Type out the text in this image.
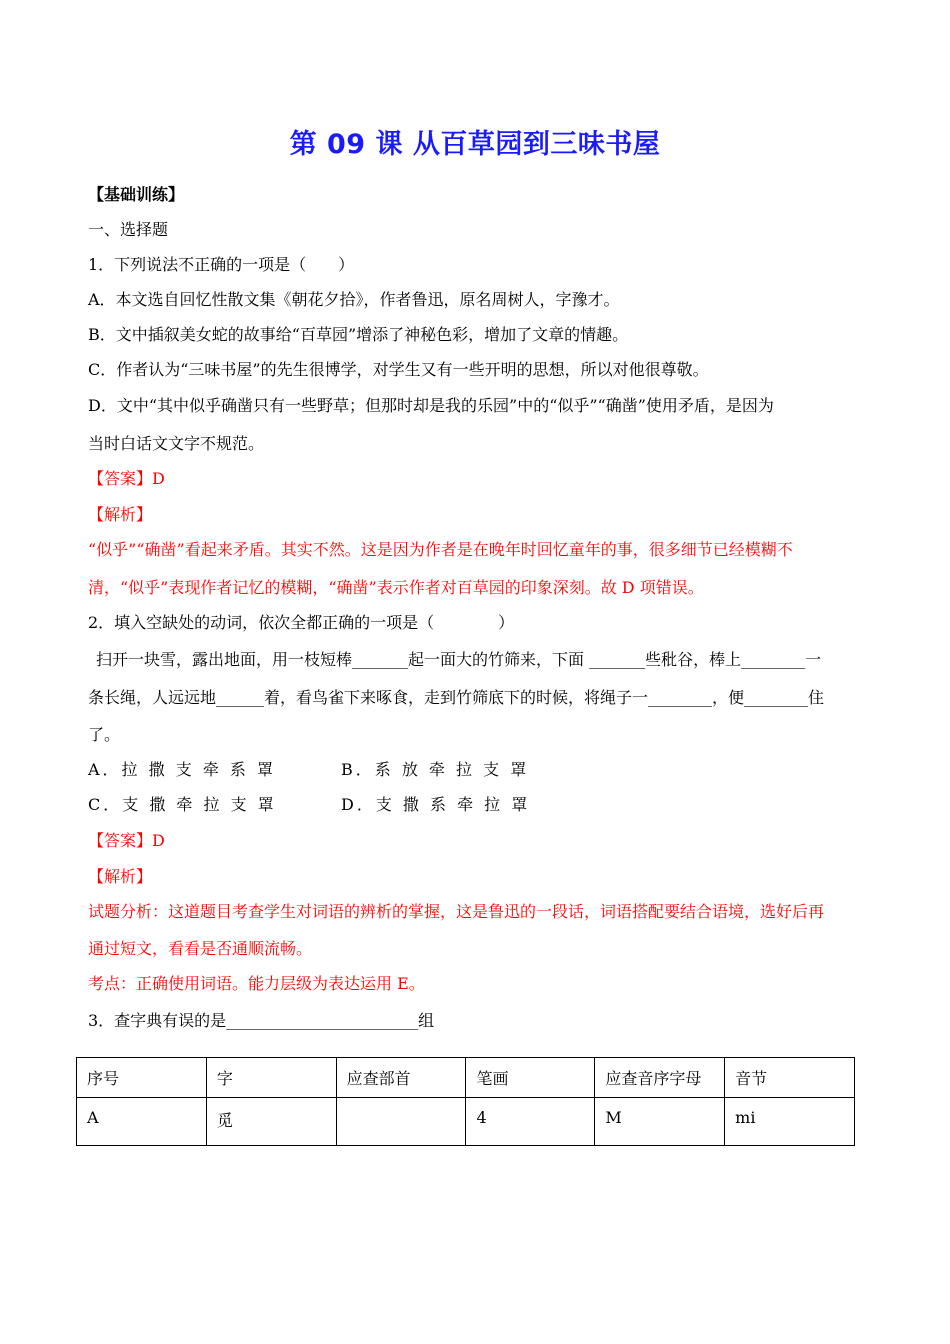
第 09 课 从百草园到三味书屋
【基础训练】
一、选择题
1．下列说法不正确的一项是（　　）
A．本文选自回忆性散文集《朝花夕拾》，作者鲁迅，原名周树人，字豫才。
B．文中插叙美女蛇的故事给“百草园”增添了神秘色彩，增加了文章的情趣。
C．作者认为“三味书屋”的先生很博学，对学生又有一些开明的思想，所以对他很尊敬。
D．文中“其中似乎确凿只有一些野草；但那时却是我的乐园”中的“似乎”“确凿”使用矛盾，是因为
当时白话文文字不规范。
【答案】D
【解析】
“似乎”“确凿”看起来矛盾。其实不然。这是因为作者是在晚年时回忆童年的事，很多细节已经模糊不
清，“似乎”表现作者记忆的模糊，“确凿”表示作者对百草园的印象深刻。故 D 项错误。
2．填入空缺处的动词，依次全都正确的一项是（　　　　）
扫开一块雪，露出地面，用一枝短棒_______起一面大的竹筛来，下面 _______些秕谷，棒上________一
条长绳，人远远地______着，看鸟雀下来啄食，走到竹筛底下的时候，将绳子一________，便________住
了。
A．拉 撒 支 牵 系 罩	B．系 放 牵 拉 支 罩
C．支 撒 牵 拉 支 罩	D．支 撒 系 牵 拉 罩
【答案】D
【解析】
试题分析：这道题目考查学生对词语的辨析的掌握，这是鲁迅的一段话，词语搭配要结合语境，选好后再
通过短文，看看是否通顺流畅。
考点：正确使用词语。能力层级为表达运用 E。
3．查字典有误的是________________________组
序号	字	应查部首	笔画	应查音序字母	音节
A	觅		4	M	mi
